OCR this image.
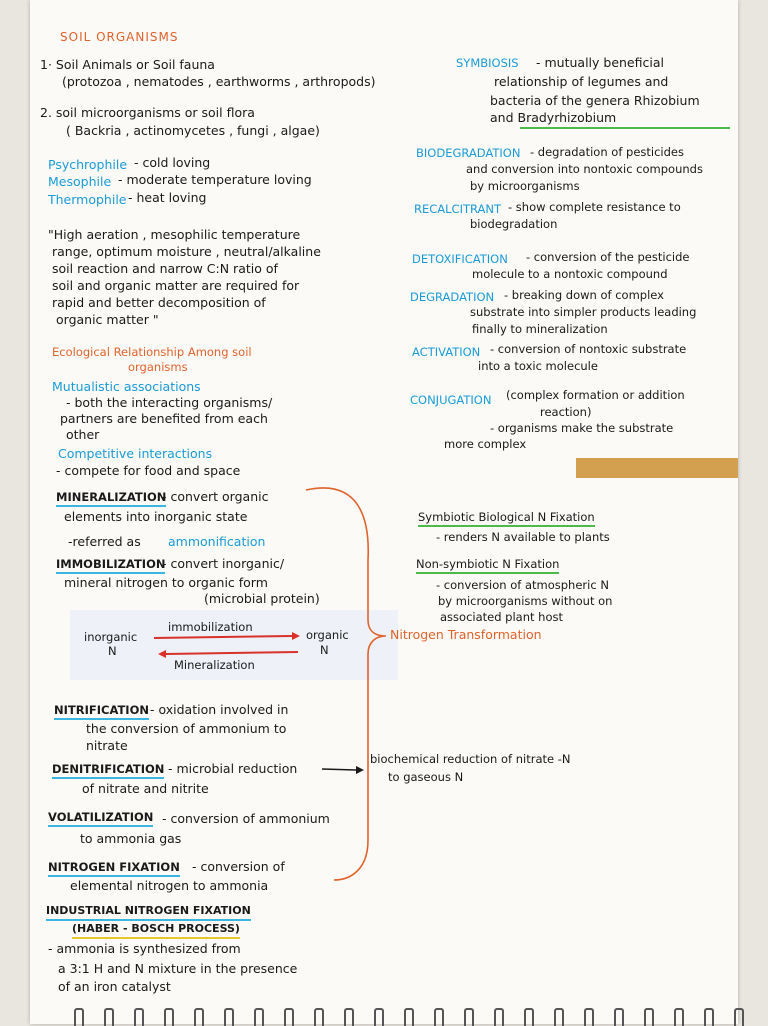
SOIL ORGANISMS
1· Soil Animals or Soil fauna
(protozoa , nematodes , earthworms , arthropods)
2. soil microorganisms or soil flora
( Backria , actinomycetes , fungi , algae)
Psychrophile - cold loving
Mesophile - moderate temperature loving
Thermophile - heat loving
"High aeration , mesophilic temperature
range, optimum moisture , neutral/alkaline
soil reaction and narrow C:N ratio of
soil and organic matter are required for
rapid and better decomposition of
organic matter "
Ecological Relationship Among soil
organisms
Mutualistic associations
- both the interacting organisms/
partners are benefited from each
other
Competitive interactions
- compete for food and space
MINERALIZATION
- convert organic
elements into inorganic state
-referred as ammonification
IMMOBILIZATION
- convert inorganic/
mineral nitrogen to organic form
(microbial protein)
inorganic
N
immobilization
Mineralization
organic
N
NITRIFICATION - oxidation involved in
the conversion of ammonium to
nitrate
DENITRIFICATION - microbial reduction
of nitrate and nitrite
VOLATILIZATION - conversion of ammonium
to ammonia gas
NITROGEN FIXATION - conversion of
elemental nitrogen to ammonia
INDUSTRIAL NITROGEN FIXATION
(HABER - BOSCH PROCESS)
- ammonia is synthesized from
a 3:1 H and N mixture in the presence
of an iron catalyst
SYMBIOSIS - mutually beneficial
relationship of legumes and
bacteria of the genera Rhizobium
and Bradyrhizobium
BIODEGRADATION - degradation of pesticides
and conversion into nontoxic compounds
by microorganisms
RECALCITRANT - show complete resistance to
biodegradation
DETOXIFICATION - conversion of the pesticide
molecule to a nontoxic compound
DEGRADATION - breaking down of complex
substrate into simpler products leading
finally to mineralization
ACTIVATION - conversion of nontoxic substrate
into a toxic molecule
CONJUGATION (complex formation or addition
reaction)
- organisms make the substrate
more complex
Symbiotic Biological N Fixation
- renders N available to plants
Non-symbiotic N Fixation
- conversion of atmospheric N
by microorganisms without on
associated plant host
Nitrogen Transformation
biochemical reduction of nitrate -N
to gaseous N
